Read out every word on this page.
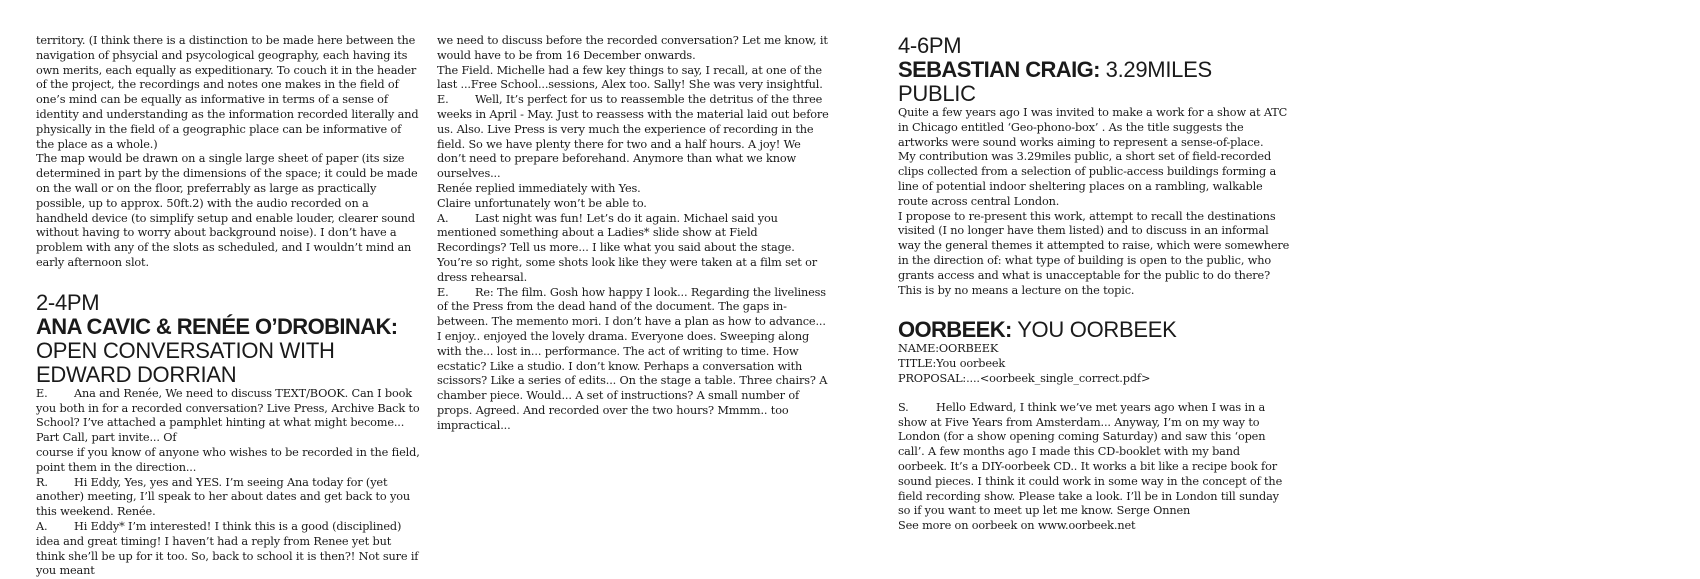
territory. (I think there is a distinction to be made here between the navigation of phsycial and psycological geography, each having its own merits, each equally as expeditionary. To couch it in the header of the project, the recordings and notes one makes in the field of one’s mind can be equally as informative in terms of a sense of identity and understanding as the information recorded literally and physically in the field of a geographic place can be informative of the place as a whole.)

The map would be drawn on a single large sheet of paper (its size determined in part by the dimensions of the space; it could be made on the wall or on the floor, preferrably as large as practically possible, up to approx. 50ft.2) with the audio recorded on a handheld device (to simplify setup and enable louder, clearer sound without having to worry about background noise). I don’t have a problem with any of the slots as scheduled, and I wouldn’t mind an early afternoon slot.

2-4PM

ANA CAVIC & RENÉE O’DROBINAK:
OPEN CONVERSATION WITH EDWARD DORRIAN

E. Ana and Renée, We need to discuss TEXT/BOOK. Can I book you both in for a recorded conversation? Live Press, Archive Back to School? I’ve attached a pamphlet hinting at what might become... Part Call, part invite... Of

course if you know of anyone who wishes to be recorded in the field, point them in the direction...

R. Hi Eddy, Yes, yes and YES. I’m seeing Ana today for (yet another) meeting, I’ll speak to her about dates and get back to you this weekend. Renée.

A. Hi Eddy* I’m interested! I think this is a good (disciplined) idea and great timing! I haven’t had a reply from Renee yet but think she’ll be up for it too. So, back to school it is then?! Not sure if you meant

we need to discuss before the recorded conversation? Let me know, it would have to be from 16 December onwards.

The Field. Michelle had a few key things to say, I recall, at one of the last ...Free School...sessions, Alex too. Sally! She was very insightful.

E. Well, It’s perfect for us to reassemble the detritus of the three weeks in April - May. Just to reassess with the material laid out before us. Also. Live Press is very much the experience of recording in the field. So we have plenty there for two and a half hours. A joy! We don’t need to prepare beforehand. Anymore than what we know ourselves...

Renée replied immediately with Yes.

Claire unfortunately won’t be able to.

A. Last night was fun! Let’s do it again. Michael said you mentioned something about a Ladies* slide show at Field Recordings? Tell us more... I like what you said about the stage. You’re so right, some shots look like they were taken at a film set or dress rehearsal.

E. Re: The film. Gosh how happy I look... Regarding the liveliness of the Press from the dead hand of the document. The gaps in-between. The memento mori. I don’t have a plan as how to advance... I enjoy.. enjoyed the lovely drama. Everyone does. Sweeping along with the... lost in... performance. The act of writing to time. How ecstatic? Like a studio. I don’t know. Perhaps a conversation with scissors? Like a series of edits... On the stage a table. Three chairs? A chamber piece. Would... A set of instructions? A small number of props. Agreed. And recorded over the two hours? Mmmm.. too impractical...

4-6PM

SEBASTIAN CRAIG: 3.29MILES PUBLIC

Quite a few years ago I was invited to make a work for a show at ATC in Chicago entitled ‘Geo-phono-box’ . As the title suggests the artworks were sound works aiming to represent a sense-of-place.

My contribution was 3.29miles public, a short set of field-recorded clips collected from a selection of public-access buildings forming a line of potential indoor sheltering places on a rambling, walkable route across central London.

I propose to re-present this work, attempt to recall the destinations visited (I no longer have them listed) and to discuss in an informal way the general themes it attempted to raise, which were somewhere in the direction of: what type of building is open to the public, who grants access and what is unacceptable for the public to do there? This is by no means a lecture on the topic.

OORBEEK: YOU OORBEEK

NAME:OORBEEK

TITLE:You oorbeek

PROPOSAL:....<oorbeek_single_correct.pdf>

S. Hello Edward, I think we’ve met years ago when I was in a show at Five Years from Amsterdam... Anyway, I’m on my way to London (for a show opening coming Saturday) and saw this ‘open call’. A few months ago I made this CD-booklet with my band oorbeek. It’s a DIY-oorbeek CD.. It works a bit like a recipe book for sound pieces. I think it could work in some way in the concept of the field recording show. Please take a look. I’ll be in London till sunday so if you want to meet up let me know. Serge Onnen

See more on oorbeek on www.oorbeek.net
